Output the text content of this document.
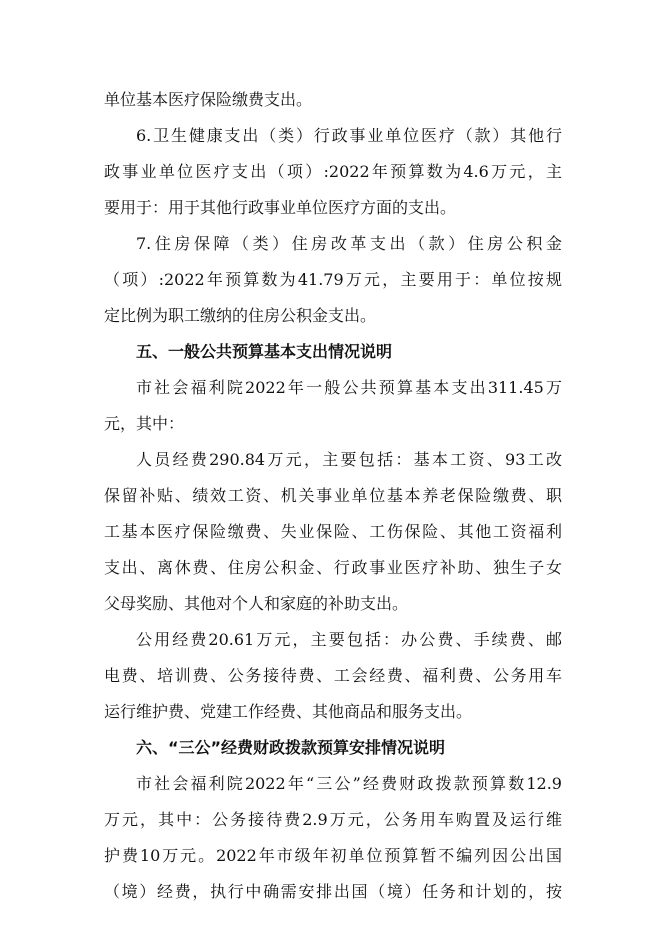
单位基本医疗保险缴费支出。
6.卫生健康支出（类）行政事业单位医疗（款）其他行
政事业单位医疗支出（项）:2022年预算数为4.6万元，主
要用于：用于其他行政事业单位医疗方面的支出。
7.住房保障（类）住房改革支出（款）住房公积金
（项）:2022年预算数为41.79万元，主要用于：单位按规
定比例为职工缴纳的住房公积金支出。
五、一般公共预算基本支出情况说明
市社会福利院2022年一般公共预算基本支出311.45万
元，其中：
人员经费290.84万元，主要包括：基本工资、93工改
保留补贴、绩效工资、机关事业单位基本养老保险缴费、职
工基本医疗保险缴费、失业保险、工伤保险、其他工资福利
支出、离休费、住房公积金、行政事业医疗补助、独生子女
父母奖励、其他对个人和家庭的补助支出。
公用经费20.61万元，主要包括：办公费、手续费、邮
电费、培训费、公务接待费、工会经费、福利费、公务用车
运行维护费、党建工作经费、其他商品和服务支出。
六、“三公”经费财政拨款预算安排情况说明
市社会福利院2022年“三公”经费财政拨款预算数12.9
万元，其中：公务接待费2.9万元，公务用车购置及运行维
护费10万元。2022年市级年初单位预算暂不编列因公出国
（境）经费，执行中确需安排出国（境）任务和计划的，按
